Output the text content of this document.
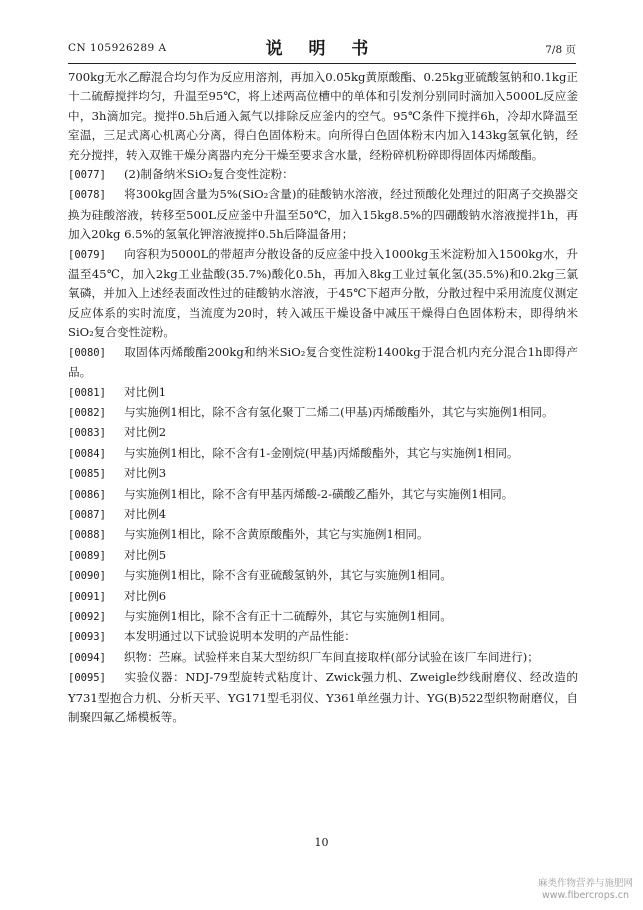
CN 105926289 A	说 明 书	7/8 页

700kg无水乙醇混合均匀作为反应用溶剂，再加入0.05kg黄原酸酯、0.25kg亚硫酸氢钠和0.1kg正十二硫醇搅拌均匀，升温至95℃，将上述两高位槽中的单体和引发剂分别同时滴加入5000L反应釜中，3h滴加完。搅拌0.5h后通入氮气以排除反应釜内的空气。95℃条件下搅拌6h，冷却水降温至室温，三足式离心机离心分离，得白色固体粉末。向所得白色固体粉末内加入143kg氢氧化钠，经充分搅拌，转入双锥干燥分离器内充分干燥至要求含水量，经粉碎机粉碎即得固体丙烯酸酯。

[0077] (2)制备纳米SiO₂复合变性淀粉：

[0078] 将300kg固含量为5%(SiO₂含量)的硅酸钠水溶液，经过预酸化处理过的阳离子交换器交换为硅酸溶液，转移至500L反应釜中升温至50℃，加入15kg8.5%的四硼酸钠水溶液搅拌1h，再加入20kg 6.5%的氢氧化钾溶液搅拌0.5h后降温备用；

[0079] 向容积为5000L的带超声分散设备的反应釜中投入1000kg玉米淀粉加入1500kg水，升温至45℃，加入2kg工业盐酸(35.7%)酸化0.5h，再加入8kg工业过氧化氢(35.5%)和0.2kg三氯氧磷，并加入上述经表面改性过的硅酸钠水溶液，于45℃下超声分散，分散过程中采用流度仪测定反应体系的实时流度，当流度为20时，转入减压干燥设备中减压干燥得白色固体粉末，即得纳米SiO₂复合变性淀粉。

[0080] 取固体丙烯酸酯200kg和纳米SiO₂复合变性淀粉1400kg于混合机内充分混合1h即得产品。

[0081] 对比例1

[0082] 与实施例1相比，除不含有氢化聚丁二烯二(甲基)丙烯酸酯外，其它与实施例1相同。

[0083] 对比例2

[0084] 与实施例1相比，除不含有1-金刚烷(甲基)丙烯酸酯外，其它与实施例1相同。

[0085] 对比例3

[0086] 与实施例1相比，除不含有甲基丙烯酸-2-磺酸乙酯外，其它与实施例1相同。

[0087] 对比例4

[0088] 与实施例1相比，除不含黄原酸酯外，其它与实施例1相同。

[0089] 对比例5

[0090] 与实施例1相比，除不含有亚硫酸氢钠外，其它与实施例1相同。

[0091] 对比例6

[0092] 与实施例1相比，除不含有正十二硫醇外，其它与实施例1相同。

[0093] 本发明通过以下试验说明本发明的产品性能：

[0094] 织物：苎麻。试验样来自某大型纺织厂车间直接取样(部分试验在该厂车间进行)；

[0095] 实验仪器：NDJ-79型旋转式粘度计、Zwick强力机、Zweigle纱线耐磨仪、经改造的Y731型抱合力机、分析天平、YG171型毛羽仪、Y361单丝强力计、YG(B)522型织物耐磨仪，自制聚四氟乙烯模板等。

10
麻类作物营养与施肥网
www.fibercrops.cn
